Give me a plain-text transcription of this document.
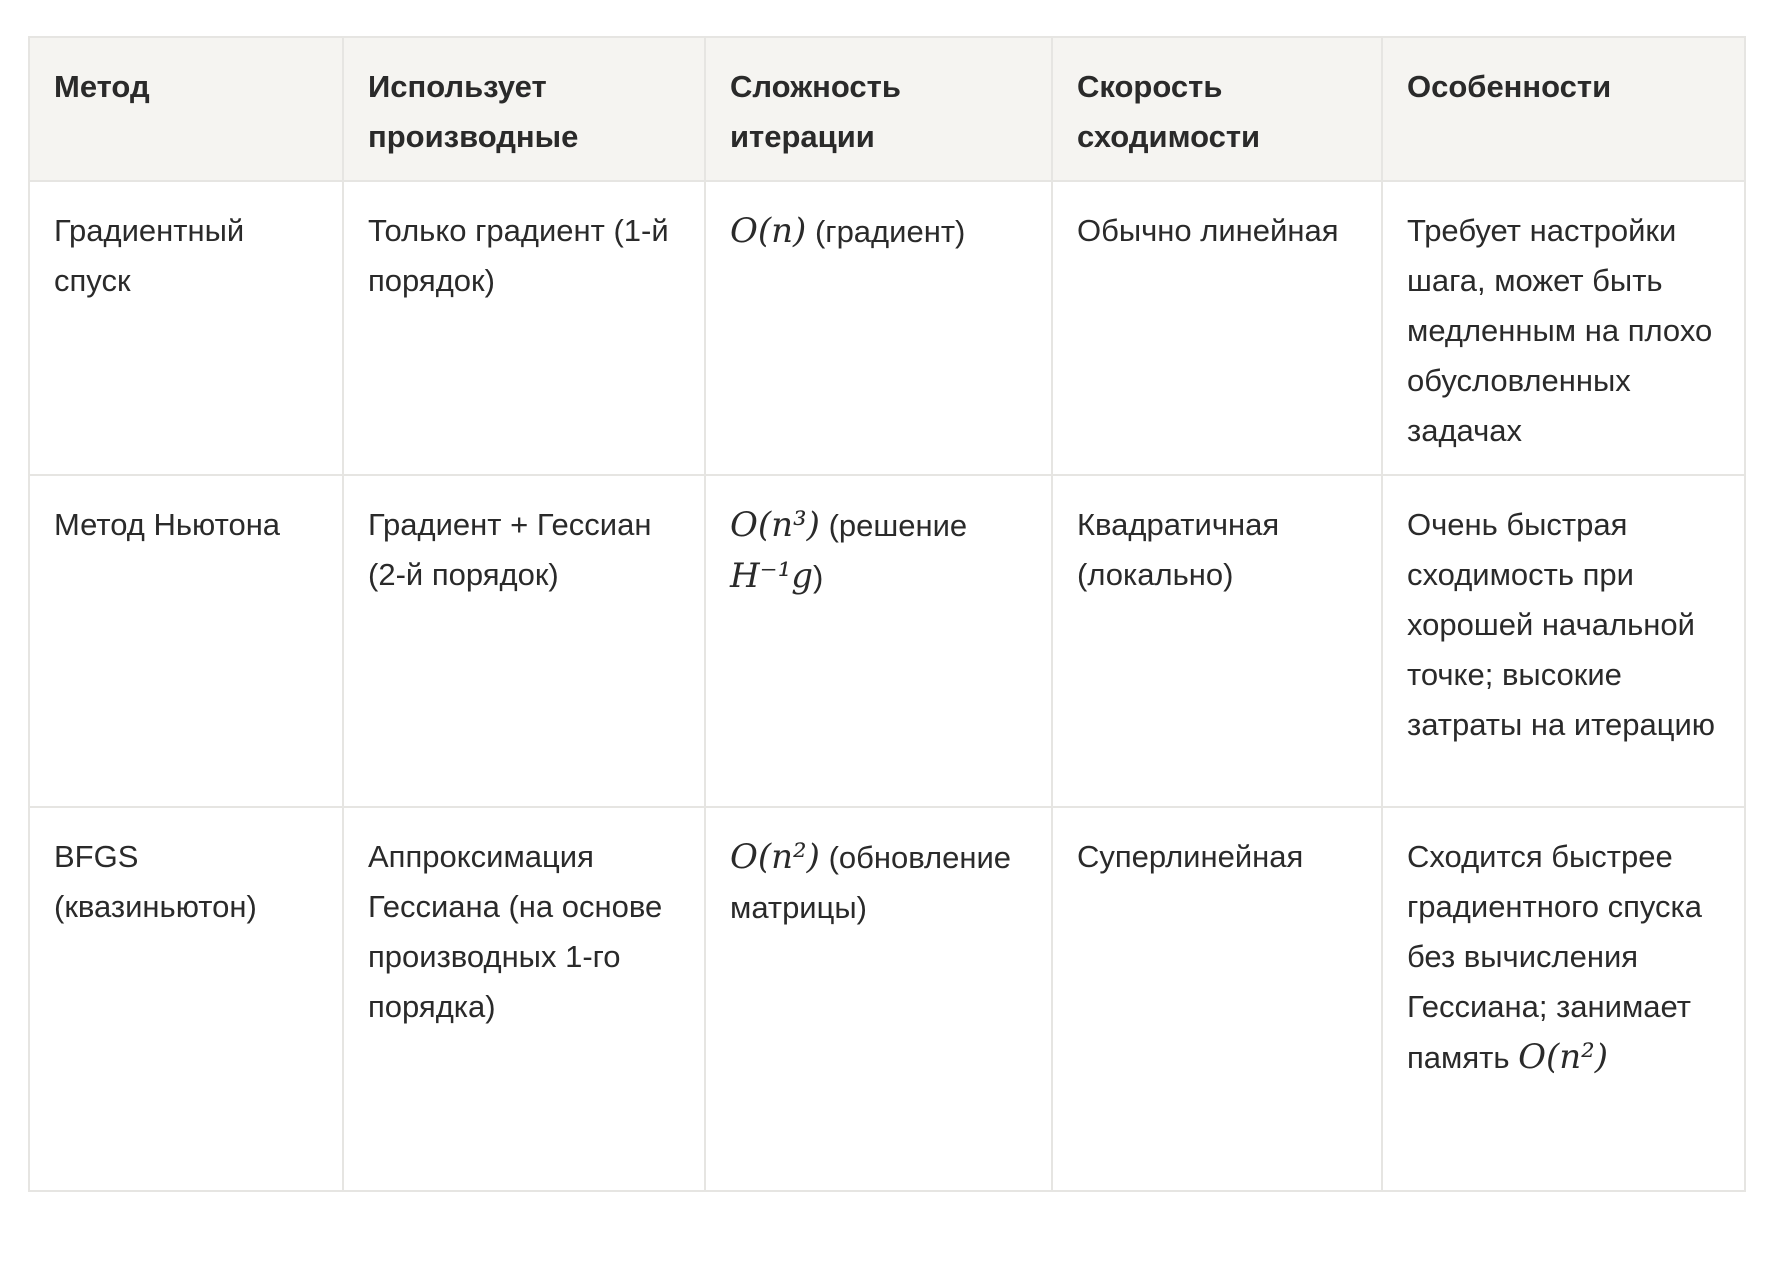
Метод	Использует производные	Сложность итерации	Скорость сходимости	Особенности
Градиентный спуск	Только градиент (1-й порядок)	O(n) (градиент)	Обычно линейная	Требует настройки шага, может быть медленным на плохо обусловленных задачах
Метод Ньютона	Градиент + Гессиан (2-й порядок)	O(n³) (решение H⁻¹g)	Квадратичная (локально)	Очень быстрая сходимость при хорошей начальной точке; высокие затраты на итерацию
BFGS (квазиньютон)	Аппроксимация Гессиана (на основе производных 1-го порядка)	O(n²) (обновление матрицы)	Суперлинейная	Сходится быстрее градиентного спуска без вычисления Гессиана; занимает память O(n²)
